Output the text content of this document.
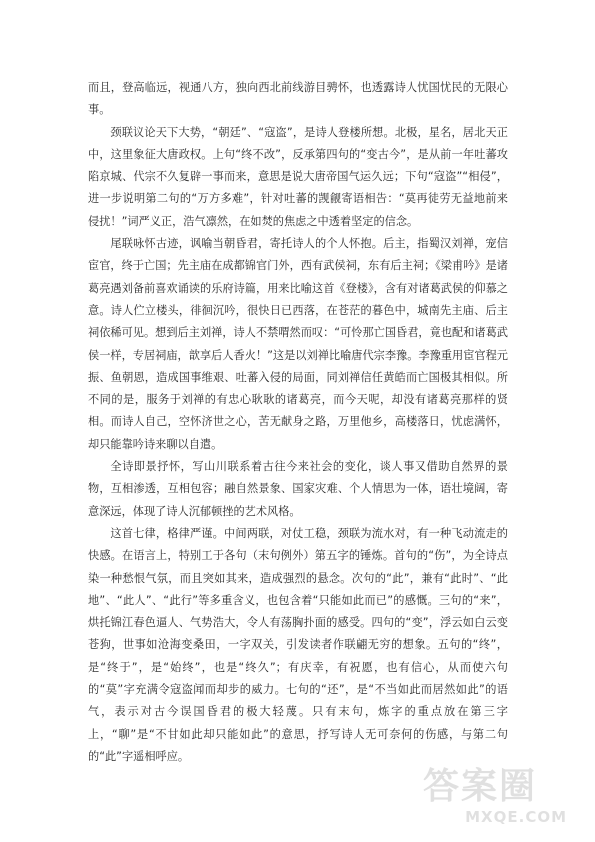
而且，登高临远，视通八方，独向西北前线游目骋怀，也透露诗人忧国忧民的无限心事。

颈联议论天下大势，“朝廷”、“寇盗”，是诗人登楼所想。北极，星名，居北天正中，这里象征大唐政权。上句“终不改”，反承第四句的“变古今”，是从前一年吐蕃攻陷京城、代宗不久复辟一事而来，意思是说大唐帝国气运久远；下句“寇盗”“相侵”，进一步说明第二句的“万方多难”，针对吐蕃的觊觎寄语相告：“莫再徒劳无益地前来侵扰！”词严义正，浩气凛然，在如焚的焦虑之中透着坚定的信念。

尾联咏怀古迹，讽喻当朝昏君，寄托诗人的个人怀抱。后主，指蜀汉刘禅，宠信宦官，终于亡国；先主庙在成都锦官门外，西有武侯祠，东有后主祠；《梁甫吟》是诸葛亮遇刘备前喜欢诵读的乐府诗篇，用来比喻这首《登楼》，含有对诸葛武侯的仰慕之意。诗人伫立楼头，徘徊沉吟，很快日已西落，在苍茫的暮色中，城南先主庙、后主祠依稀可见。想到后主刘禅，诗人不禁喟然而叹：“可怜那亡国昏君，竟也配和诸葛武侯一样，专居祠庙，歆享后人香火！”这是以刘禅比喻唐代宗李豫。李豫重用宦官程元振、鱼朝恩，造成国事维艰、吐蕃入侵的局面，同刘禅信任黄皓而亡国极其相似。所不同的是，服务于刘禅的有忠心耿耿的诸葛亮，而今天呢，却没有诸葛亮那样的贤相。而诗人自己，空怀济世之心，苦无献身之路，万里他乡，高楼落日，忧虑满怀，却只能靠吟诗来聊以自遣。

全诗即景抒怀，写山川联系着古往今来社会的变化，谈人事又借助自然界的景物，互相渗透，互相包容；融自然景象、国家灾难、个人情思为一体，语壮境阔，寄意深远，体现了诗人沉郁顿挫的艺术风格。

这首七律，格律严谨。中间两联，对仗工稳，颈联为流水对，有一种飞动流走的快感。在语言上，特别工于各句（末句例外）第五字的锤炼。首句的“伤”，为全诗点染一种愁恨气氛，而且突如其来，造成强烈的悬念。次句的“此”，兼有“此时”、“此地”、“此人”、“此行”等多重含义，也包含着“只能如此而已”的感慨。三句的“来”，烘托锦江春色逼人、气势浩大，令人有荡胸扑面的感受。四句的“变”，浮云如白云变苍狗，世事如沧海变桑田，一字双关，引发读者作联翩无穷的想象。五句的“终”，是“终于”，是“始终”，也是“终久”；有庆幸，有祝愿，也有信心，从而使六句的“莫”字充满令寇盗闻而却步的威力。七句的“还”，是“不当如此而居然如此”的语气，表示对古今误国昏君的极大轻蔑。只有末句，炼字的重点放在第三字上，“聊”是“不甘如此却只能如此”的意思，抒写诗人无可奈何的伤感，与第二句的“此”字遥相呼应。

答案圈
MXQE.COM
